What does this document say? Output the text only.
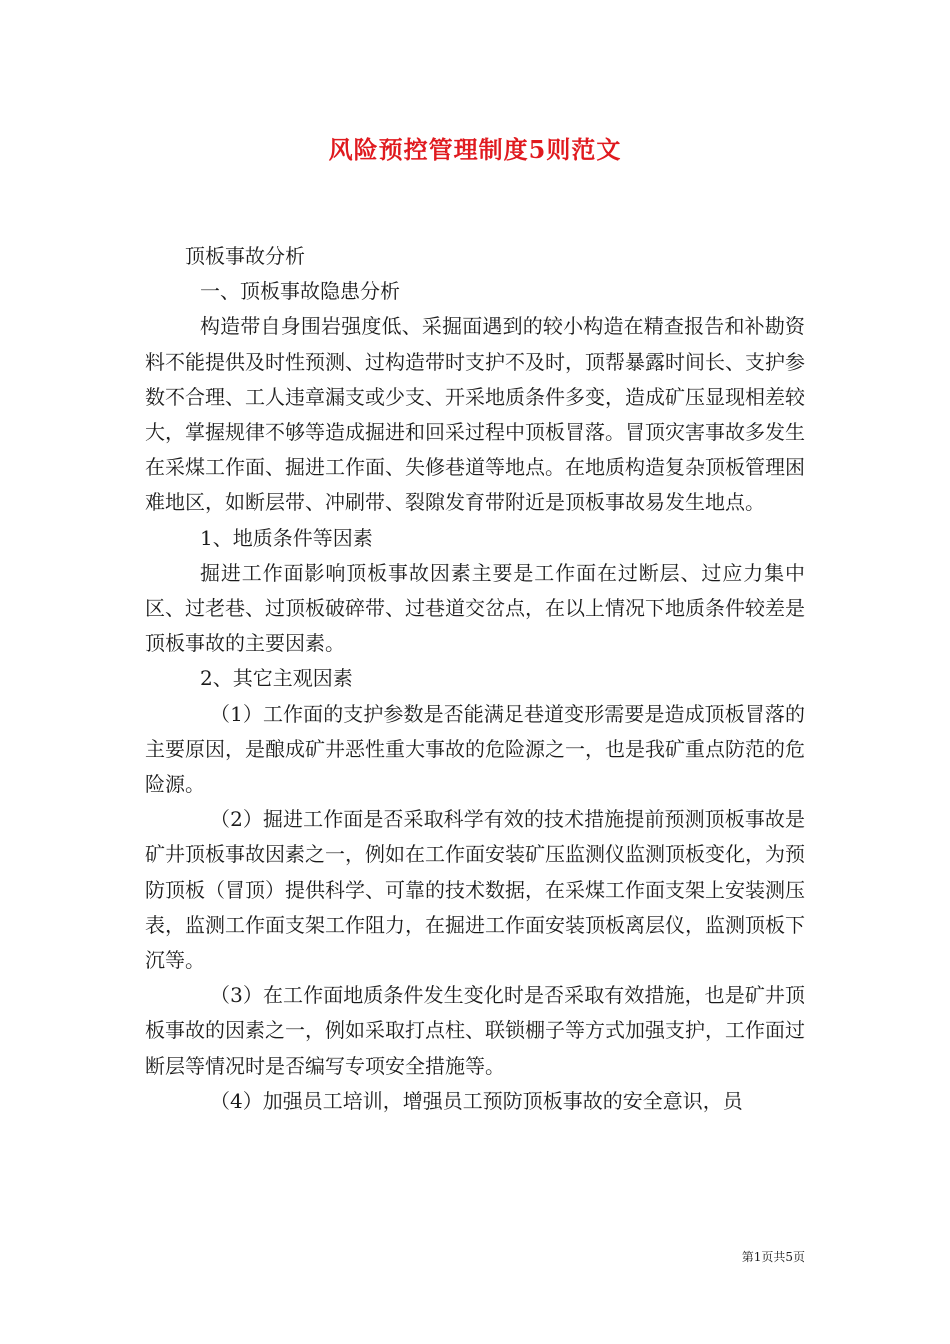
风险预控管理制度5则范文

顶板事故分析

一、顶板事故隐患分析

构造带自身围岩强度低、采掘面遇到的较小构造在精查报告和补勘资料不能提供及时性预测、过构造带时支护不及时，顶帮暴露时间长、支护参数不合理、工人违章漏支或少支、开采地质条件多变，造成矿压显现相差较大，掌握规律不够等造成掘进和回采过程中顶板冒落。冒顶灾害事故多发生在采煤工作面、掘进工作面、失修巷道等地点。在地质构造复杂顶板管理困难地区，如断层带、冲刷带、裂隙发育带附近是顶板事故易发生地点。

1、地质条件等因素

掘进工作面影响顶板事故因素主要是工作面在过断层、过应力集中区、过老巷、过顶板破碎带、过巷道交岔点，在以上情况下地质条件较差是顶板事故的主要因素。

2、其它主观因素

（1）工作面的支护参数是否能满足巷道变形需要是造成顶板冒落的主要原因，是酿成矿井恶性重大事故的危险源之一，也是我矿重点防范的危险源。

（2）掘进工作面是否采取科学有效的技术措施提前预测顶板事故是矿井顶板事故因素之一，例如在工作面安装矿压监测仪监测顶板变化，为预防顶板（冒顶）提供科学、可靠的技术数据，在采煤工作面支架上安装测压表，监测工作面支架工作阻力，在掘进工作面安装顶板离层仪，监测顶板下沉等。

（3）在工作面地质条件发生变化时是否采取有效措施，也是矿井顶板事故的因素之一，例如采取打点柱、联锁棚子等方式加强支护，工作面过断层等情况时是否编写专项安全措施等。

（4）加强员工培训，增强员工预防顶板事故的安全意识，员

第1页共5页
